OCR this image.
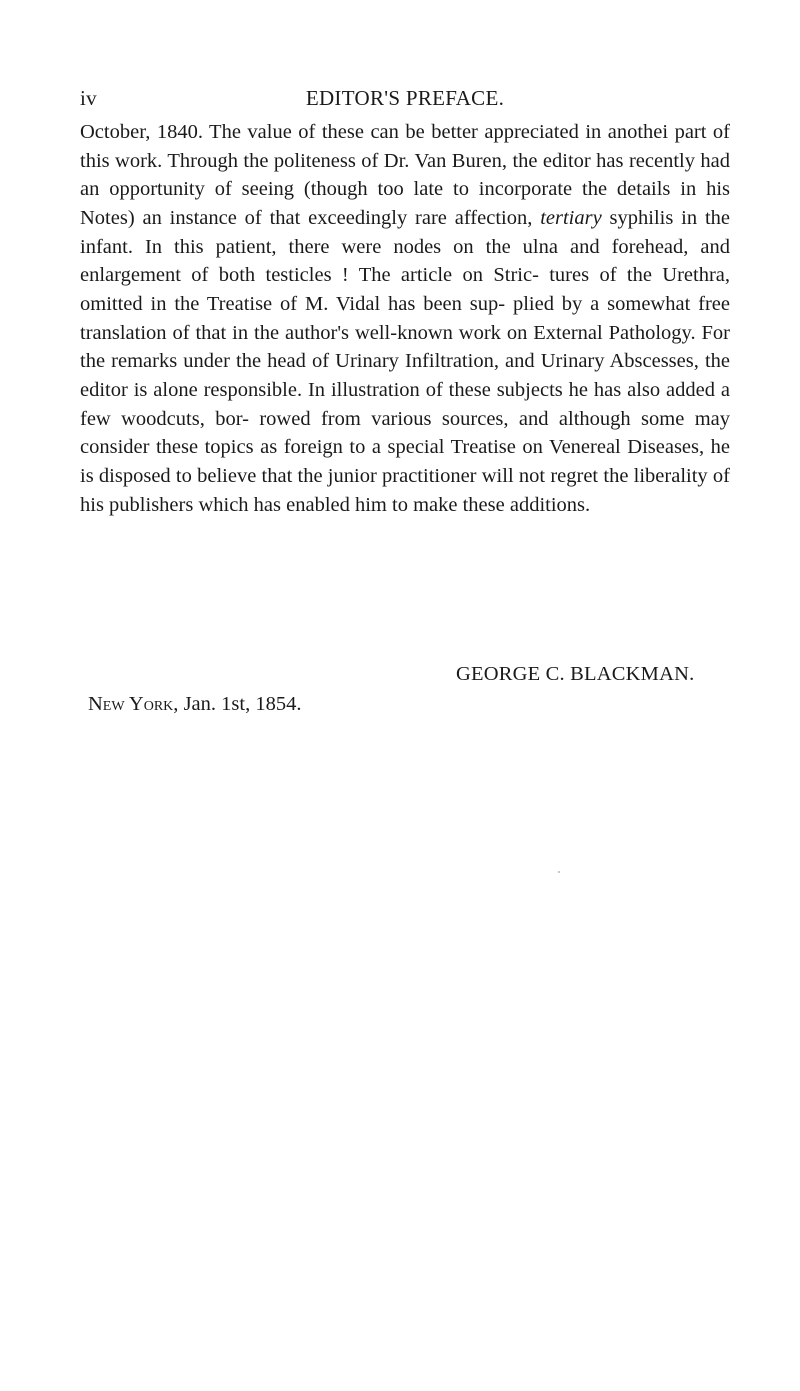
iv	EDITOR'S PREFACE.

October, 1840. The value of these can be better appreciated in anothei part of this work. Through the politeness of Dr. Van Buren, the editor has recently had an opportunity of seeing (though too late to incorporate the details in his Notes) an instance of that exceedingly rare affection, tertiary syphilis in the infant. In this patient, there were nodes on the ulna and forehead, and enlargement of both testicles ! The article on Stric- tures of the Urethra, omitted in the Treatise of M. Vidal has been sup- plied by a somewhat free translation of that in the author's well-known work on External Pathology. For the remarks under the head of Urinary Infiltration, and Urinary Abscesses, the editor is alone responsible. In illustration of these subjects he has also added a few woodcuts, bor- rowed from various sources, and although some may consider these topics as foreign to a special Treatise on Venereal Diseases, he is disposed to believe that the junior practitioner will not regret the liberality of his publishers which has enabled him to make these additions.

GEORGE C. BLACKMAN.
New York, Jan. 1st, 1854.
